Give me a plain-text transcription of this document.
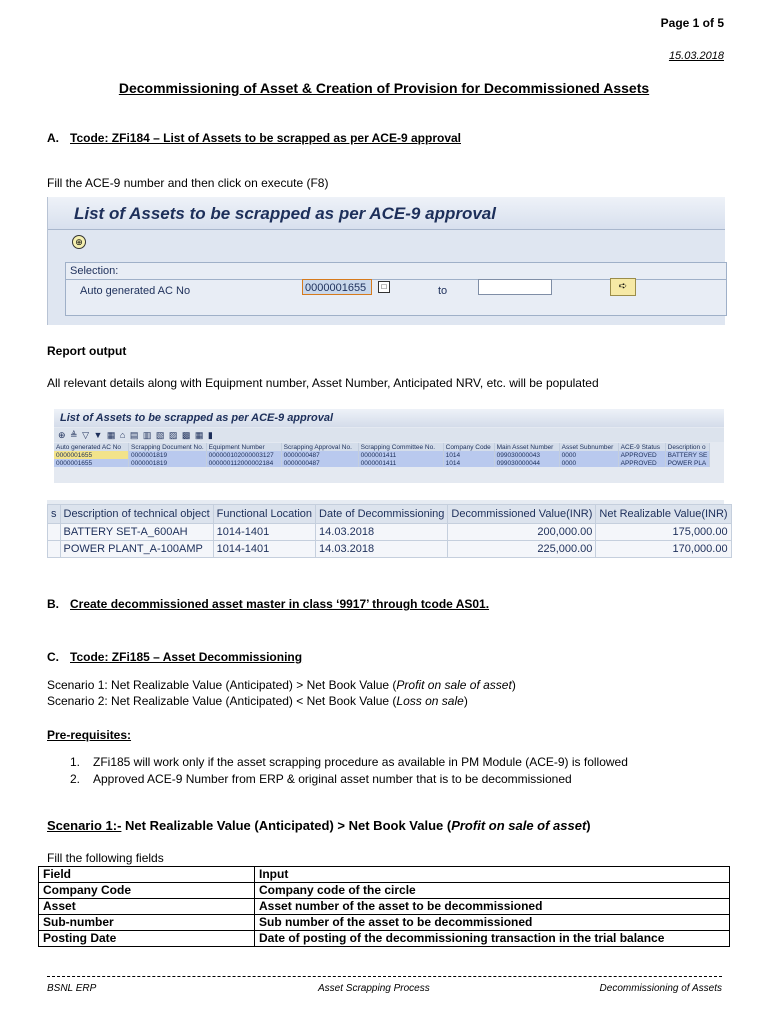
Page 1 of 5
15.03.2018
Decommissioning of Asset & Creation of Provision for Decommissioned Assets
A. Tcode: ZFi184 – List of Assets to be scrapped as per ACE-9 approval
Fill the ACE-9 number and then click on execute (F8)
List of Assets to be scrapped as per ACE-9 approval
⊕
Selection:
Auto generated AC No	0000001655	□	to	➪
Report output
All relevant details along with Equipment number, Asset Number, Anticipated NRV, etc. will be populated
List of Assets to be scrapped as per ACE-9 approval
⊕ ≜ ▽ ▼ ▦ ⌂ ▤ ▥ ▧ ▨ ▩ ▦ ▮
Auto generated AC No	Scrapping Document No.	Equipment Number	Scrapping Approval No.	Scrapping Committee No.	Company Code	Main Asset Number	Asset Subnumber	ACE-9 Status	Description o
0000001655	0000001819	000000102000003127	0000000487	0000001411	1014	099030000043	0000	APPROVED	BATTERY SE
0000001655	0000001819	000000112000002184	0000000487	0000001411	1014	099030000044	0000	APPROVED	POWER PLA
s	Description of technical object	Functional Location	Date of Decommissioning	Decommissioned Value(INR)	Net Realizable Value(INR)
	BATTERY SET-A_600AH	1014-1401	14.03.2018	200,000.00	175,000.00
	POWER PLANT_A-100AMP	1014-1401	14.03.2018	225,000.00	170,000.00
B. Create decommissioned asset master in class ‘9917’ through tcode AS01.
C. Tcode: ZFi185 – Asset Decommissioning
Scenario 1: Net Realizable Value (Anticipated) > Net Book Value (Profit on sale of asset)
Scenario 2: Net Realizable Value (Anticipated) < Net Book Value (Loss on sale)
Pre-requisites:
1. ZFi185 will work only if the asset scrapping procedure as available in PM Module (ACE-9) is followed
2. Approved ACE-9 Number from ERP & original asset number that is to be decommissioned
Scenario 1:- Net Realizable Value (Anticipated) > Net Book Value (Profit on sale of asset)
Fill the following fields
Field	Input
Company Code	Company code of the circle
Asset	Asset number of the asset to be decommissioned
Sub-number	Sub number of the asset to be decommissioned
Posting Date	Date of posting of the decommissioning transaction in the trial balance
BSNL ERP	Asset Scrapping Process	Decommissioning of Assets
